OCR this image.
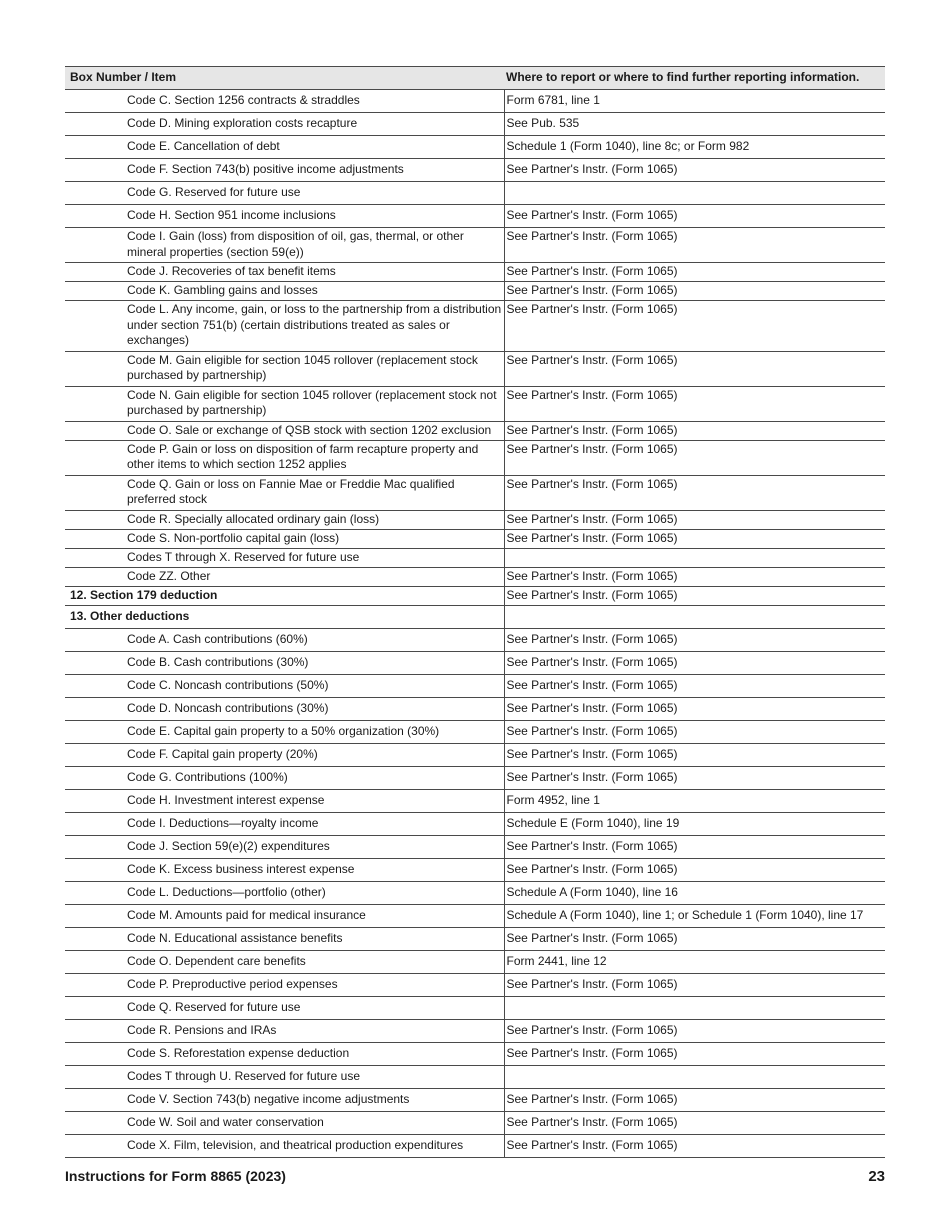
Box Number / Item		Where to report or where to find further reporting information.
	Code C. Section 1256 contracts & straddles	Form 6781, line 1
	Code D. Mining exploration costs recapture	See Pub. 535
	Code E. Cancellation of debt	Schedule 1 (Form 1040), line 8c; or Form 982
	Code F. Section 743(b) positive income adjustments	See Partner's Instr. (Form 1065)
	Code G. Reserved for future use	
	Code H. Section 951 income inclusions	See Partner's Instr. (Form 1065)
	Code I. Gain (loss) from disposition of oil, gas, thermal, or other mineral properties (section 59(e))	See Partner's Instr. (Form 1065)
	Code J. Recoveries of tax benefit items	See Partner's Instr. (Form 1065)
	Code K. Gambling gains and losses	See Partner's Instr. (Form 1065)
	Code L. Any income, gain, or loss to the partnership from a distribution under section 751(b) (certain distributions treated as sales or exchanges)	See Partner's Instr. (Form 1065)
	Code M. Gain eligible for section 1045 rollover (replacement stock purchased by partnership)	See Partner's Instr. (Form 1065)
	Code N. Gain eligible for section 1045 rollover (replacement stock not purchased by partnership)	See Partner's Instr. (Form 1065)
	Code O. Sale or exchange of QSB stock with section 1202 exclusion	See Partner's Instr. (Form 1065)
	Code P. Gain or loss on disposition of farm recapture property and other items to which section 1252 applies	See Partner's Instr. (Form 1065)
	Code Q. Gain or loss on Fannie Mae or Freddie Mac qualified preferred stock	See Partner's Instr. (Form 1065)
	Code R. Specially allocated ordinary gain (loss)	See Partner's Instr. (Form 1065)
	Code S. Non-portfolio capital gain (loss)	See Partner's Instr. (Form 1065)
	Codes T through X. Reserved for future use	
	Code ZZ. Other	See Partner's Instr. (Form 1065)
12. Section 179 deduction		See Partner's Instr. (Form 1065)
13. Other deductions		
	Code A. Cash contributions (60%)	See Partner's Instr. (Form 1065)
	Code B. Cash contributions (30%)	See Partner's Instr. (Form 1065)
	Code C. Noncash contributions (50%)	See Partner's Instr. (Form 1065)
	Code D. Noncash contributions (30%)	See Partner's Instr. (Form 1065)
	Code E. Capital gain property to a 50% organization (30%)	See Partner's Instr. (Form 1065)
	Code F. Capital gain property (20%)	See Partner's Instr. (Form 1065)
	Code G. Contributions (100%)	See Partner's Instr. (Form 1065)
	Code H. Investment interest expense	Form 4952, line 1
	Code I. Deductions—royalty income	Schedule E (Form 1040), line 19
	Code J. Section 59(e)(2) expenditures	See Partner's Instr. (Form 1065)
	Code K. Excess business interest expense	See Partner's Instr. (Form 1065)
	Code L. Deductions—portfolio (other)	Schedule A (Form 1040), line 16
	Code M. Amounts paid for medical insurance	Schedule A (Form 1040), line 1; or Schedule 1 (Form 1040), line 17
	Code N. Educational assistance benefits	See Partner's Instr. (Form 1065)
	Code O. Dependent care benefits	Form 2441, line 12
	Code P. Preproductive period expenses	See Partner's Instr. (Form 1065)
	Code Q. Reserved for future use	
	Code R. Pensions and IRAs	See Partner's Instr. (Form 1065)
	Code S. Reforestation expense deduction	See Partner's Instr. (Form 1065)
	Codes T through U. Reserved for future use	
	Code V. Section 743(b) negative income adjustments	See Partner's Instr. (Form 1065)
	Code W. Soil and water conservation	See Partner's Instr. (Form 1065)
	Code X. Film, television, and theatrical production expenditures	See Partner's Instr. (Form 1065)
Instructions for Form 8865 (2023)	23
